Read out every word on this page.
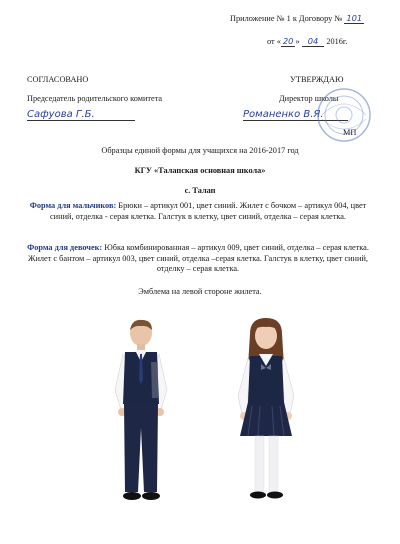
Приложение № 1 к Договору № 101
от « 20 » 04 2016г.
СОГЛАСОВАНО
Председатель родительского комитета
Сафуова Г.Б.
УТВЕРЖДАЮ
Директор школы
Романенко В.Я.
МП
Образцы единой формы для учащихся на 2016-2017 год
КГУ «Талапская основная школа»
с. Талап
Форма для мальчиков: Брюки – артикул 001, цвет синий. Жилет с бочком – артикул 004, цвет синий, отделка - серая клетка. Галстук в клетку, цвет синий, отделка – серая клетка.
Форма для девочек: Юбка комбинированная – артикул 009, цвет синий, отделка – серая клетка. Жилет с бантом – артикул 003, цвет синий, отделка –серая клетка. Галстук в клетку, цвет синий, отделку – серая клетка.
Эмблема на левой стороне жилета.
